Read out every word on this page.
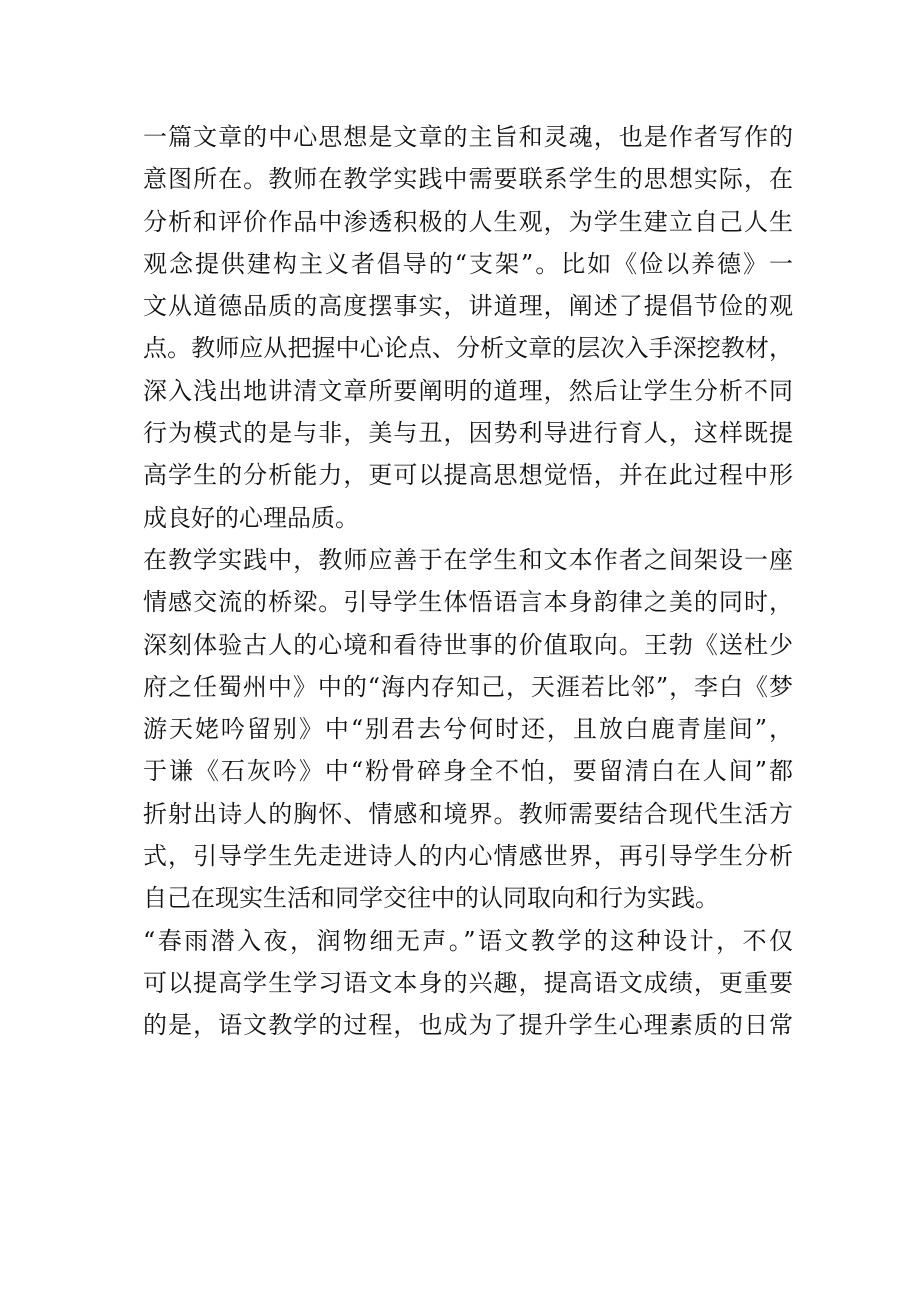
一篇文章的中心思想是文章的主旨和灵魂，也是作者写作的
意图所在。教师在教学实践中需要联系学生的思想实际，在
分析和评价作品中渗透积极的人生观，为学生建立自己人生
观念提供建构主义者倡导的“支架”。比如《俭以养德》一
文从道德品质的高度摆事实，讲道理，阐述了提倡节俭的观
点。教师应从把握中心论点、分析文章的层次入手深挖教材，
深入浅出地讲清文章所要阐明的道理，然后让学生分析不同
行为模式的是与非，美与丑，因势利导进行育人，这样既提
高学生的分析能力，更可以提高思想觉悟，并在此过程中形
成良好的心理品质。
在教学实践中，教师应善于在学生和文本作者之间架设一座
情感交流的桥梁。引导学生体悟语言本身韵律之美的同时，
深刻体验古人的心境和看待世事的价值取向。王勃《送杜少
府之任蜀州中》中的“海内存知己，天涯若比邻”，李白《梦
游天姥吟留别》中“别君去兮何时还，且放白鹿青崖间”，
于谦《石灰吟》中“粉骨碎身全不怕，要留清白在人间”都
折射出诗人的胸怀、情感和境界。教师需要结合现代生活方
式，引导学生先走进诗人的内心情感世界，再引导学生分析
自己在现实生活和同学交往中的认同取向和行为实践。
“春雨潜入夜，润物细无声。”语文教学的这种设计，不仅
可以提高学生学习语文本身的兴趣，提高语文成绩，更重要
的是，语文教学的过程，也成为了提升学生心理素质的日常
